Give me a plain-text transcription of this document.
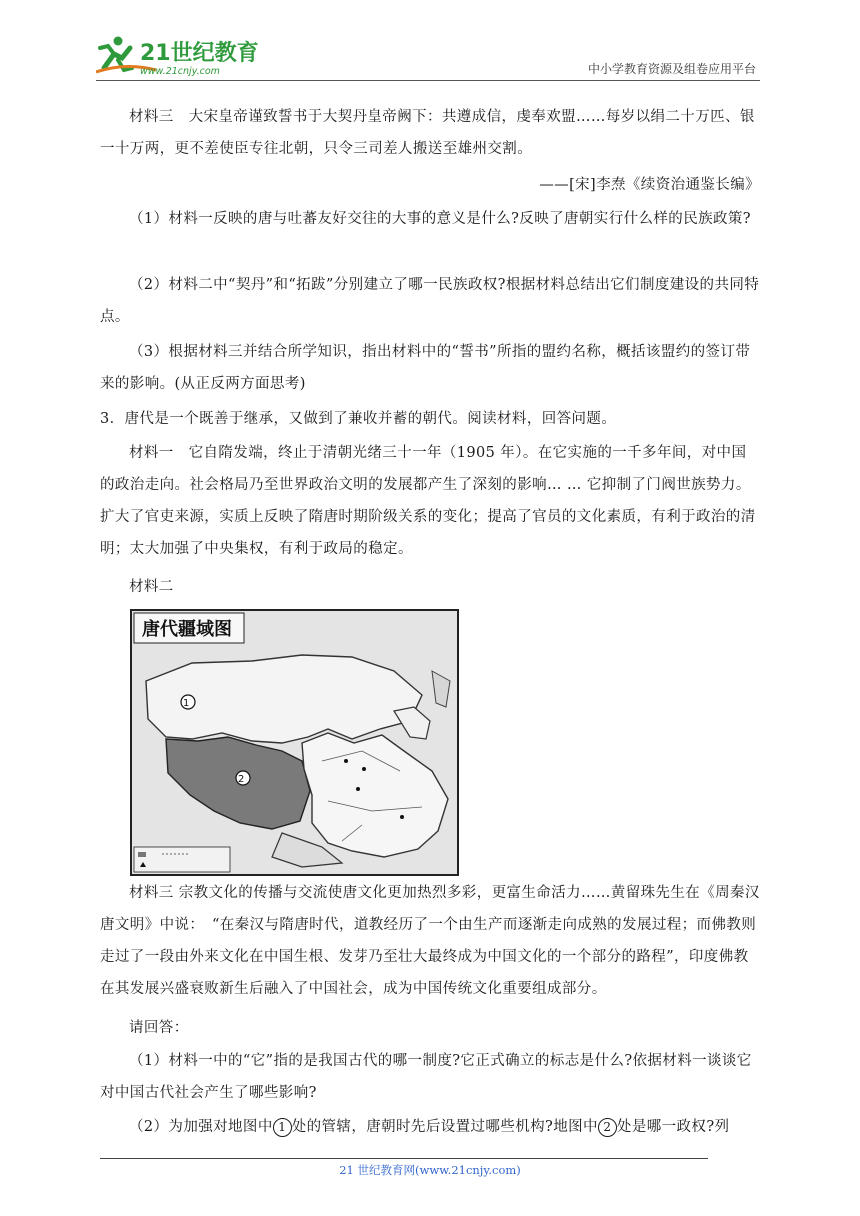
21世纪教育
www.21cnjy.com	中小学教育资源及组卷应用平台

材料三　大宋皇帝谨致誓书于大契丹皇帝阙下：共遵成信，虔奉欢盟……每岁以绢二十万匹、银一十万两，更不差使臣专往北朝，只令三司差人搬送至雄州交割。

——[宋]李焘《续资治通鉴长编》

（1）材料一反映的唐与吐蕃友好交往的大事的意义是什么?反映了唐朝实行什么样的民族政策?

（2）材料二中“契丹”和“拓跋”分别建立了哪一民族政权?根据材料总结出它们制度建设的共同特点。

（3）根据材料三并结合所学知识，指出材料中的“誓书”所指的盟约名称，概括该盟约的签订带来的影响。(从正反两方面思考)

3．唐代是一个既善于继承，又做到了兼收并蓄的朝代。阅读材料，回答问题。

材料一　它自隋发端，终止于清朝光绪三十一年（1905 年）。在它实施的一千多年间，对中国的政治走向。社会格局乃至世界政治文明的发展都产生了深刻的影响… … 它抑制了门阀世族势力。扩大了官吏来源，实质上反映了隋唐时期阶级关系的变化；提高了官员的文化素质，有利于政治的清明；太大加强了中央集权，有利于政局的稳定。

材料二

唐代疆域图
1
2

材料三 宗教文化的传播与交流使唐文化更加热烈多彩，更富生命活力……黄留珠先生在《周秦汉唐文明》中说：　“在秦汉与隋唐时代，道教经历了一个由生产而逐渐走向成熟的发展过程；而佛教则走过了一段由外来文化在中国生根、发芽乃至壮大最终成为中国文化的一个部分的路程”，印度佛教在其发展兴盛衰败新生后融入了中国社会，成为中国传统文化重要组成部分。

请回答：

（1）材料一中的“它”指的是我国古代的哪一制度?它正式确立的标志是什么?依据材料一谈谈它对中国古代社会产生了哪些影响?

（2）为加强对地图中 1 处的管辖，唐朝时先后设置过哪些机构?地图中 2 处是哪一政权?列

21 世纪教育网(www.21cnjy.com)
